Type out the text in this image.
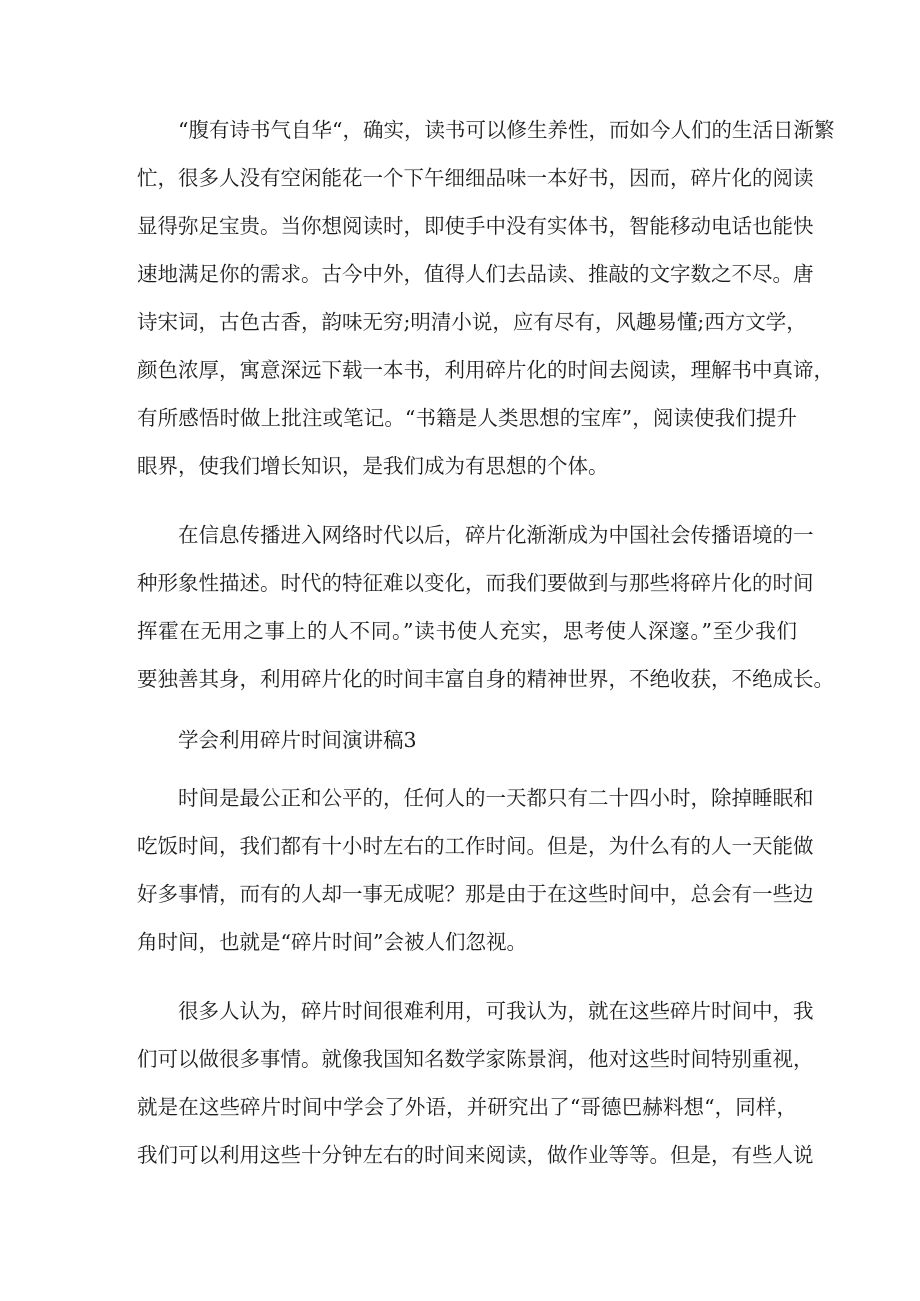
“腹有诗书气自华“，确实，读书可以修生养性，而如今人们的生活日渐繁
忙，很多人没有空闲能花一个下午细细品味一本好书，因而，碎片化的阅读
显得弥足宝贵。当你想阅读时，即使手中没有实体书，智能移动电话也能快
速地满足你的需求。古今中外，值得人们去品读、推敲的文字数之不尽。唐
诗宋词，古色古香，韵味无穷;明清小说，应有尽有，风趣易懂;西方文学，
颜色浓厚，寓意深远下载一本书，利用碎片化的时间去阅读，理解书中真谛，
有所感悟时做上批注或笔记。“书籍是人类思想的宝库”，阅读使我们提升
眼界，使我们增长知识，是我们成为有思想的个体。
在信息传播进入网络时代以后，碎片化渐渐成为中国社会传播语境的一
种形象性描述。时代的特征难以变化，而我们要做到与那些将碎片化的时间
挥霍在无用之事上的人不同。”读书使人充实，思考使人深邃。”至少我们
要独善其身，利用碎片化的时间丰富自身的精神世界，不绝收获，不绝成长。
学会利用碎片时间演讲稿3
时间是最公正和公平的，任何人的一天都只有二十四小时，除掉睡眠和
吃饭时间，我们都有十小时左右的工作时间。但是，为什么有的人一天能做
好多事情，而有的人却一事无成呢？那是由于在这些时间中，总会有一些边
角时间，也就是“碎片时间”会被人们忽视。
很多人认为，碎片时间很难利用，可我认为，就在这些碎片时间中，我
们可以做很多事情。就像我国知名数学家陈景润，他对这些时间特别重视，
就是在这些碎片时间中学会了外语，并研究出了“哥德巴赫料想“，同样，
我们可以利用这些十分钟左右的时间来阅读，做作业等等。但是，有些人说
